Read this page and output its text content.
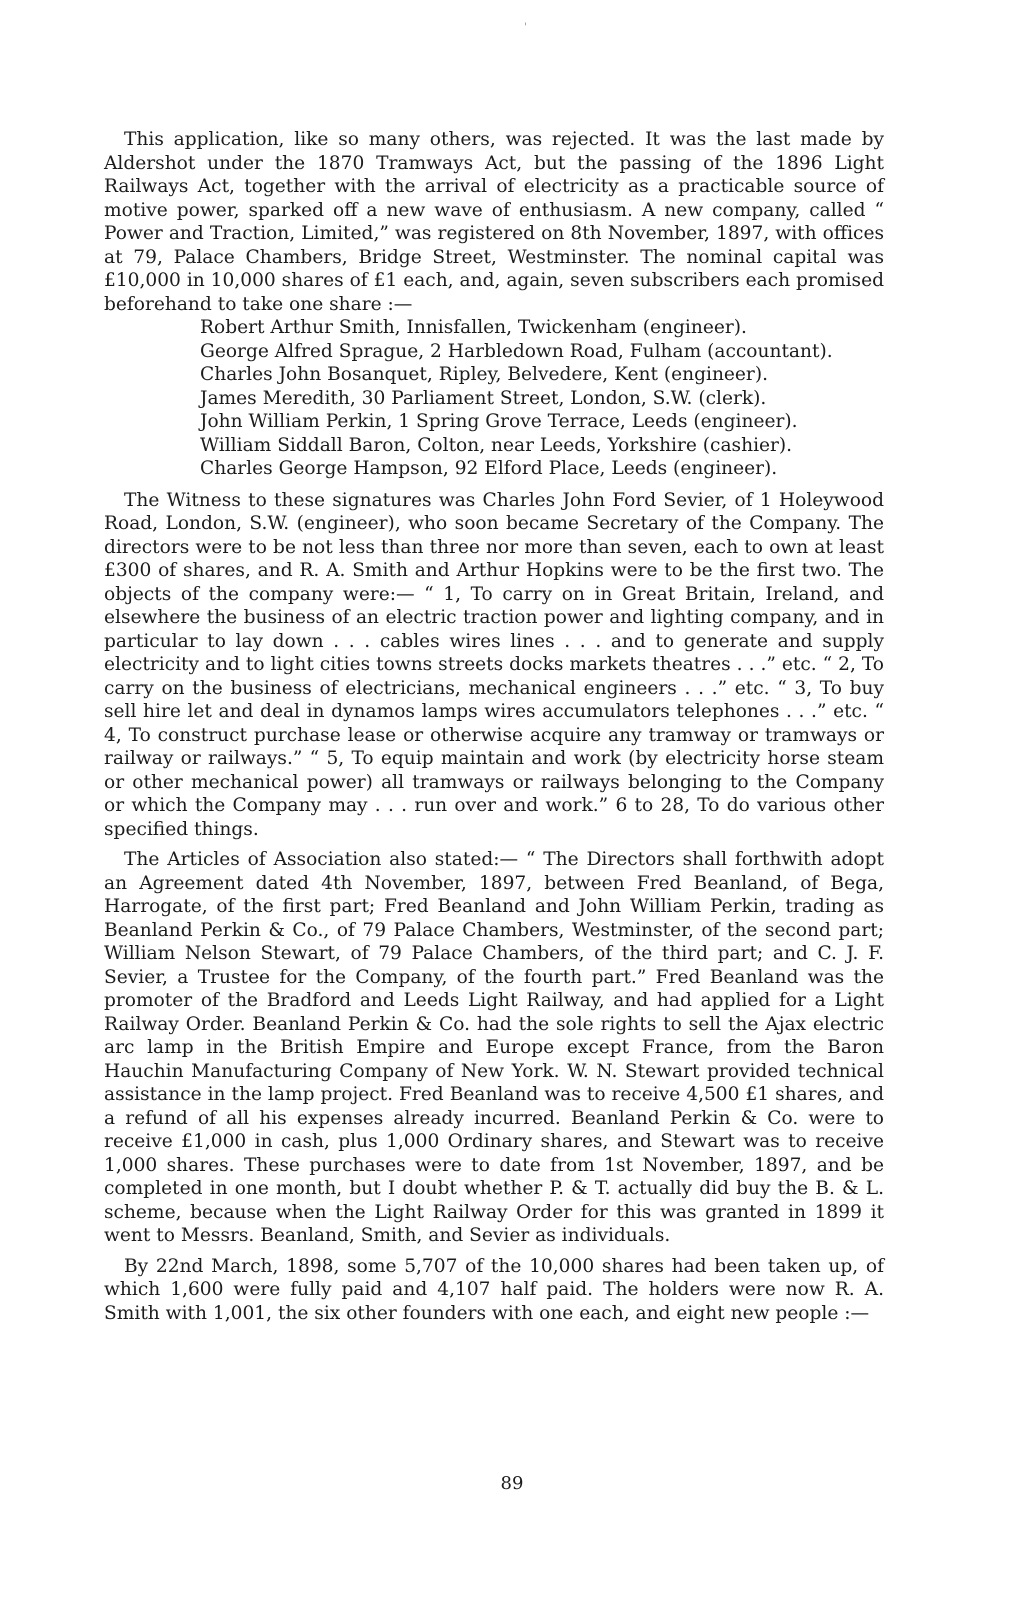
'

This application, like so many others, was rejected. It was the last made by Aldershot under the 1870 Tramways Act, but the passing of the 1896 Light Railways Act, together with the arrival of electricity as a practicable source of motive power, sparked off a new wave of enthusiasm. A new company, called “ Power and Traction, Limited,” was registered on 8th November, 1897, with offices at 79, Palace Chambers, Bridge Street, Westminster. The nominal capital was £10,000 in 10,000 shares of £1 each, and, again, seven subscribers each promised beforehand to take one share :—

Robert Arthur Smith, Innisfallen, Twickenham (engineer).
George Alfred Sprague, 2 Harbledown Road, Fulham (accountant).
Charles John Bosanquet, Ripley, Belvedere, Kent (engineer).
James Meredith, 30 Parliament Street, London, S.W. (clerk).
John William Perkin, 1 Spring Grove Terrace, Leeds (engineer).
William Siddall Baron, Colton, near Leeds, Yorkshire (cashier).
Charles George Hampson, 92 Elford Place, Leeds (engineer).

The Witness to these signatures was Charles John Ford Sevier, of 1 Holeywood Road, London, S.W. (engineer), who soon became Secretary of the Company. The directors were to be not less than three nor more than seven, each to own at least £300 of shares, and R. A. Smith and Arthur Hopkins were to be the first two. The objects of the company were:— “ 1, To carry on in Great Britain, Ireland, and elsewhere the business of an electric traction power and lighting company, and in particular to lay down . . . cables wires lines . . . and to generate and supply electricity and to light cities towns streets docks markets theatres . . .” etc. “ 2, To carry on the business of electricians, mechanical engineers . . .” etc. “ 3, To buy sell hire let and deal in dynamos lamps wires accumulators telephones . . .” etc. “ 4, To construct purchase lease or otherwise acquire any tramway or tramways or railway or railways.” “ 5, To equip maintain and work (by electricity horse steam or other mechanical power) all tramways or railways belonging to the Company or which the Company may . . . run over and work.” 6 to 28, To do various other specified things.

The Articles of Association also stated:— “ The Directors shall forthwith adopt an Agreement dated 4th November, 1897, between Fred Beanland, of Bega, Harrogate, of the first part; Fred Beanland and John William Perkin, trading as Beanland Perkin & Co., of 79 Palace Chambers, Westminster, of the second part; William Nelson Stewart, of 79 Palace Chambers, of the third part; and C. J. F. Sevier, a Trustee for the Company, of the fourth part.” Fred Beanland was the promoter of the Bradford and Leeds Light Railway, and had applied for a Light Railway Order. Beanland Perkin & Co. had the sole rights to sell the Ajax electric arc lamp in the British Empire and Europe except France, from the Baron Hauchin Manufacturing Company of New York. W. N. Stewart provided technical assistance in the lamp project. Fred Beanland was to receive 4,500 £1 shares, and a refund of all his expenses already incurred. Beanland Perkin & Co. were to receive £1,000 in cash, plus 1,000 Ordinary shares, and Stewart was to receive 1,000 shares. These purchases were to date from 1st November, 1897, and be completed in one month, but I doubt whether P. & T. actually did buy the B. & L. scheme, because when the Light Railway Order for this was granted in 1899 it went to Messrs. Beanland, Smith, and Sevier as individuals.

By 22nd March, 1898, some 5,707 of the 10,000 shares had been taken up, of which 1,600 were fully paid and 4,107 half paid. The holders were now R. A. Smith with 1,001, the six other founders with one each, and eight new people :—

89
